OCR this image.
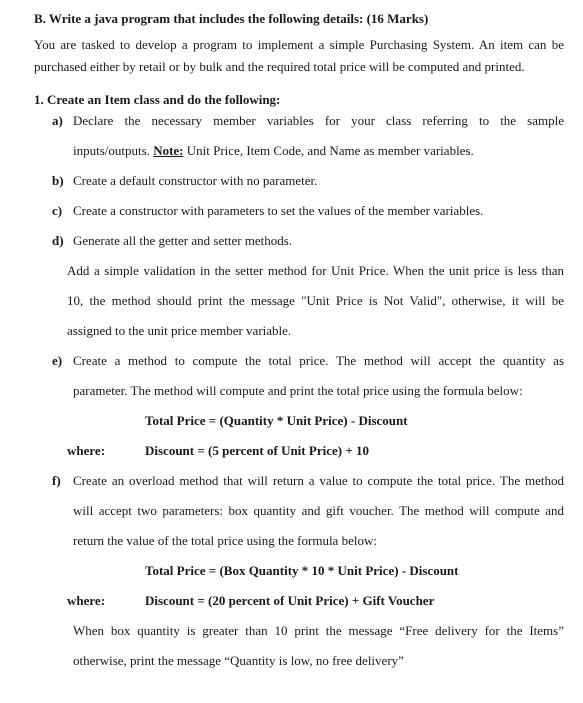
B. Write a java program that includes the following details: (16 Marks)
You are tasked to develop a program to implement a simple Purchasing System. An item can be
purchased either by retail or by bulk and the required total price will be computed and printed.
1. Create an Item class and do the following:
a) Declare the necessary member variables for your class referring to the sample
inputs/outputs. Note: Unit Price, Item Code, and Name as member variables.
b) Create a default constructor with no parameter.
c) Create a constructor with parameters to set the values of the member variables.
d) Generate all the getter and setter methods.
Add a simple validation in the setter method for Unit Price. When the unit price is less than
10, the method should print the message "Unit Price is Not Valid", otherwise, it will be
assigned to the unit price member variable.
e) Create a method to compute the total price. The method will accept the quantity as
parameter. The method will compute and print the total price using the formula below:
Total Price = (Quantity * Unit Price) - Discount
where:	Discount = (5 percent of Unit Price) + 10
f) Create an overload method that will return a value to compute the total price. The method
will accept two parameters: box quantity and gift voucher. The method will compute and
return the value of the total price using the formula below:
Total Price = (Box Quantity * 10 * Unit Price) - Discount
where:	Discount = (20 percent of Unit Price) + Gift Voucher
When box quantity is greater than 10 print the message “Free delivery for the Items”
otherwise, print the message “Quantity is low, no free delivery”
